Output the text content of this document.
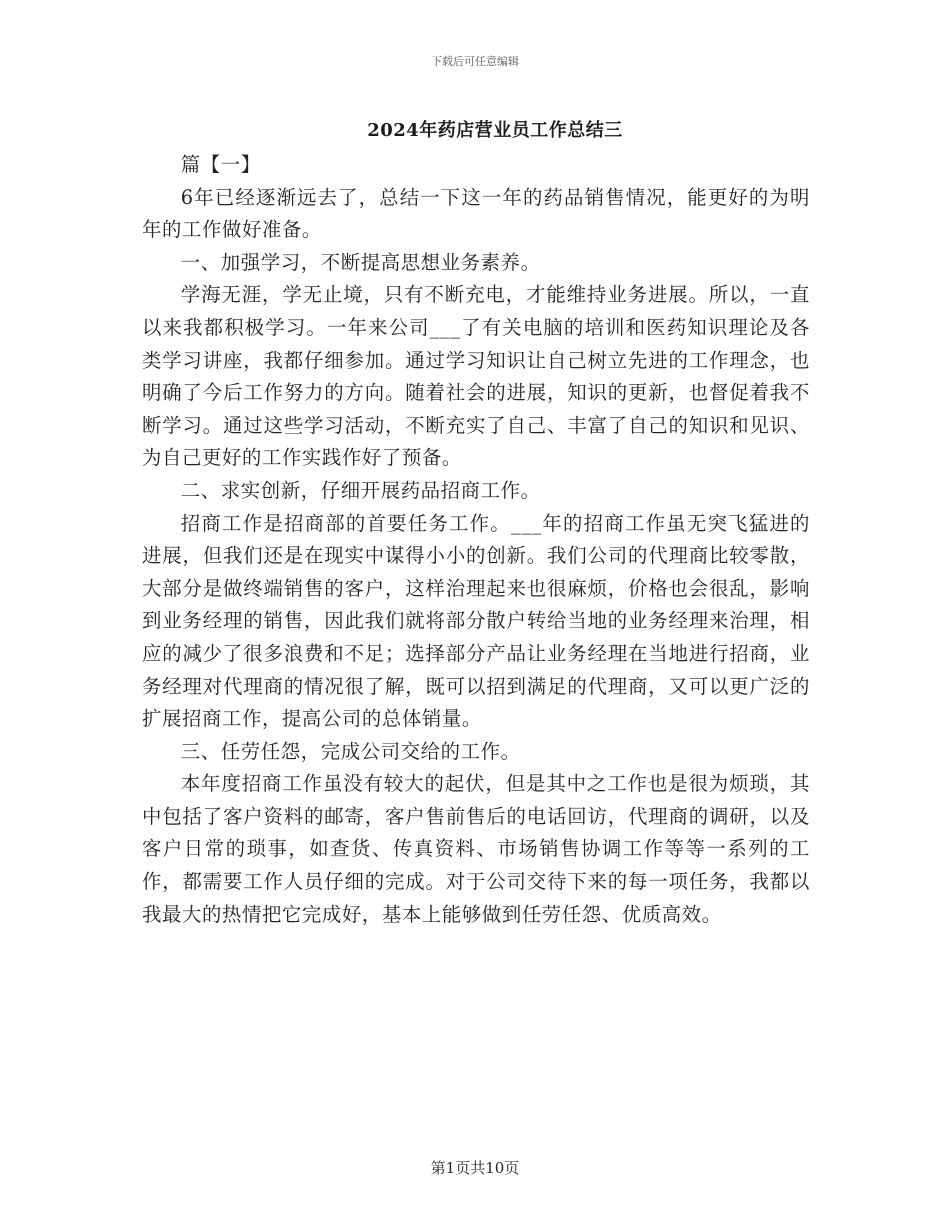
下载后可任意编辑
2024年药店营业员工作总结三

篇【一】

6年已经逐渐远去了，总结一下这一年的药品销售情况，能更好的为明年的工作做好准备。

一、加强学习，不断提高思想业务素养。

学海无涯，学无止境，只有不断充电，才能维持业务进展。所以，一直以来我都积极学习。一年来公司___了有关电脑的培训和医药知识理论及各类学习讲座，我都仔细参加。通过学习知识让自己树立先进的工作理念，也明确了今后工作努力的方向。随着社会的进展，知识的更新，也督促着我不断学习。通过这些学习活动，不断充实了自己、丰富了自己的知识和见识、为自己更好的工作实践作好了预备。

二、求实创新，仔细开展药品招商工作。

招商工作是招商部的首要任务工作。___年的招商工作虽无突飞猛进的进展，但我们还是在现实中谋得小小的创新。我们公司的代理商比较零散，大部分是做终端销售的客户，这样治理起来也很麻烦，价格也会很乱，影响到业务经理的销售，因此我们就将部分散户转给当地的业务经理来治理，相应的减少了很多浪费和不足；选择部分产品让业务经理在当地进行招商，业务经理对代理商的情况很了解，既可以招到满足的代理商，又可以更广泛的扩展招商工作，提高公司的总体销量。

三、任劳任怨，完成公司交给的工作。

本年度招商工作虽没有较大的起伏，但是其中之工作也是很为烦琐，其中包括了客户资料的邮寄，客户售前售后的电话回访，代理商的调研，以及客户日常的琐事，如查货、传真资料、市场销售协调工作等等一系列的工作，都需要工作人员仔细的完成。对于公司交待下来的每一项任务，我都以我最大的热情把它完成好，基本上能够做到任劳任怨、优质高效。

第1页共10页
